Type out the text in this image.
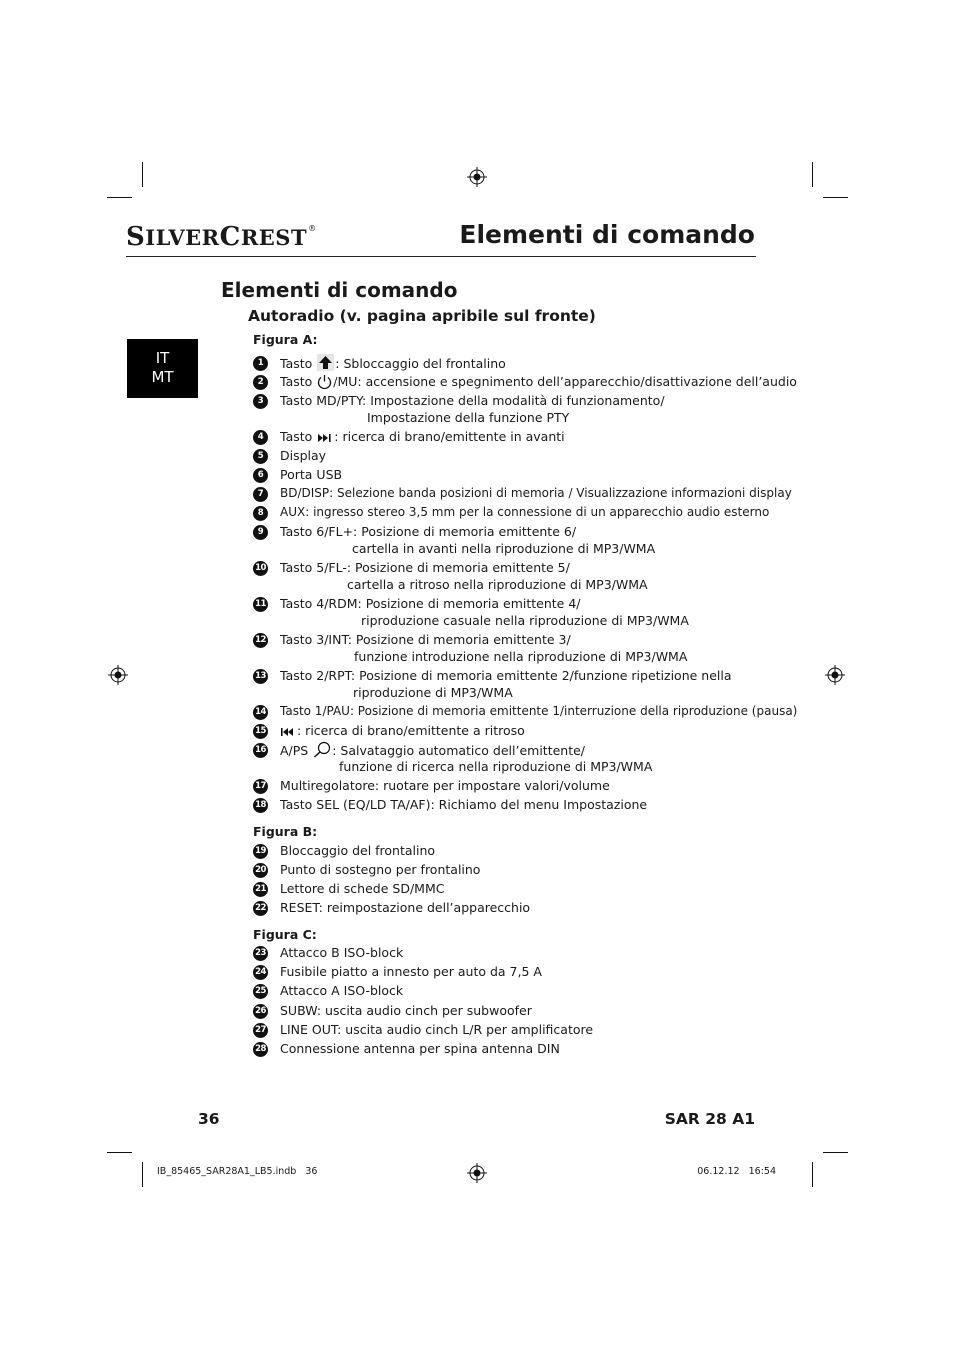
SILVERCREST®	Elementi di comando
Elementi di comando
Autoradio (v. pagina apribile sul fronte)
IT
MT
Figura A:
1	Tasto : Sbloccaggio del frontalino
2	Tasto /MU: accensione e spegnimento dell’apparecchio/disattivazione dell’audio
3	Tasto MD/PTY: Impostazione della modalità di funzionamento/
Impostazione della funzione PTY
4	Tasto : ricerca di brano/emittente in avanti
5	Display
6	Porta USB
7	BD/DISP: Selezione banda posizioni di memoria / Visualizzazione informazioni display
8	AUX: ingresso stereo 3,5 mm per la connessione di un apparecchio audio esterno
9	Tasto 6/FL+: Posizione di memoria emittente 6/
cartella in avanti nella riproduzione di MP3/WMA
10 Tasto 5/FL-: Posizione di memoria emittente 5/
cartella a ritroso nella riproduzione di MP3/WMA
11 Tasto 4/RDM: Posizione di memoria emittente 4/
riproduzione casuale nella riproduzione di MP3/WMA
12 Tasto 3/INT: Posizione di memoria emittente 3/
funzione introduzione nella riproduzione di MP3/WMA
13 Tasto 2/RPT: Posizione di memoria emittente 2/funzione ripetizione nella
riproduzione di MP3/WMA
14 Tasto 1/PAU: Posizione di memoria emittente 1/interruzione della riproduzione (pausa)
15	: ricerca di brano/emittente a ritroso
16 A/PS : Salvataggio automatico dell’emittente/
funzione di ricerca nella riproduzione di MP3/WMA
17 Multiregolatore: ruotare per impostare valori/volume
18 Tasto SEL (EQ/LD TA/AF): Richiamo del menu Impostazione
Figura B:
19 Bloccaggio del frontalino
20 Punto di sostegno per frontalino
21 Lettore di schede SD/MMC
22 RESET: reimpostazione dell’apparecchio
Figura C:
23 Attacco B ISO-block
24 Fusibile piatto a innesto per auto da 7,5 A
25 Attacco A ISO-block
26 SUBW: uscita audio cinch per subwoofer
27 LINE OUT: uscita audio cinch L/R per amplificatore
28 Connessione antenna per spina antenna DIN
36	SAR 28 A1
IB_85465_SAR28A1_LB5.indb   36	06.12.12   16:54
